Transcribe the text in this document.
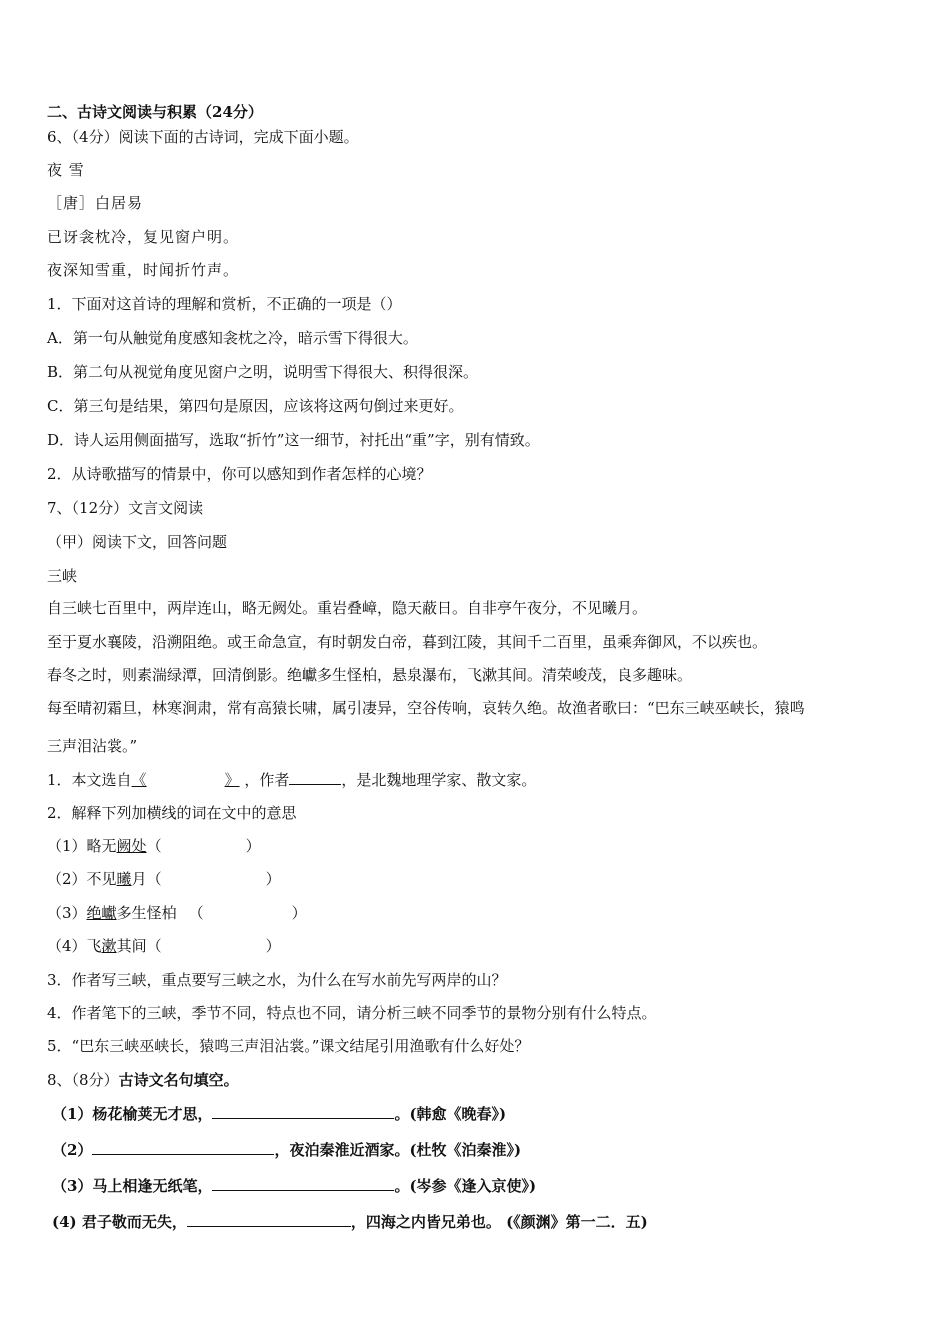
二、古诗文阅读与积累（24分）
6、（4分）阅读下面的古诗词，完成下面小题。
夜 雪
［唐］白居易
已讶衾枕冷，复见窗户明。
夜深知雪重，时闻折竹声。
1．下面对这首诗的理解和赏析，不正确的一项是（）
A．第一句从触觉角度感知衾枕之冷，暗示雪下得很大。
B．第二句从视觉角度见窗户之明，说明雪下得很大、积得很深。
C．第三句是结果，第四句是原因，应该将这两句倒过来更好。
D．诗人运用侧面描写，选取“折竹”这一细节，衬托出“重”字，别有情致。
2．从诗歌描写的情景中，你可以感知到作者怎样的心境？
7、（12分）文言文阅读
（甲）阅读下文，回答问题
三峡
自三峡七百里中，两岸连山，略无阙处。重岩叠嶂，隐天蔽日。自非亭午夜分，不见曦月。
至于夏水襄陵，沿溯阻绝。或王命急宣，有时朝发白帝，暮到江陵，其间千二百里，虽乘奔御风，不以疾也。
春冬之时，则素湍绿潭，回清倒影。绝巘多生怪柏，悬泉瀑布，飞漱其间。清荣峻茂，良多趣味。
每至晴初霜旦，林寒涧肃，常有高猿长啸，属引凄异，空谷传响，哀转久绝。故渔者歌曰：“巴东三峡巫峡长，猿鸣
三声泪沾裳。”
1．本文选自《	》 ，作者	，是北魏地理学家、散文家。
2．解释下列加横线的词在文中的意思
（1）略无阙处（	）
（2）不见曦月（	）
（3）绝巘多生怪柏 （	）
（4）飞漱其间（	）
3．作者写三峡，重点要写三峡之水，为什么在写水前先写两岸的山？
4．作者笔下的三峡，季节不同，特点也不同，请分析三峡不同季节的景物分别有什么特点。
5．“巴东三峡巫峡长，猿鸣三声泪沾裳。”课文结尾引用渔歌有什么好处？
8、（8分）古诗文名句填空。
（1）杨花榆荚无才思，	。(韩愈《晚春》)
（2）	，夜泊秦淮近酒家。(杜牧《泊秦淮》)
（3）马上相逢无纸笔，	。(岑参《逢入京使》)
(4) 君子敬而无失，	，四海之内皆兄弟也。 (《颜渊》第一二．五)
